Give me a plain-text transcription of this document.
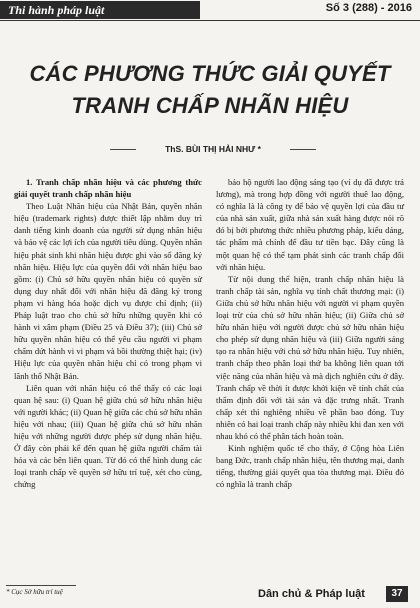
Thi hành pháp luật	Số 3 (288) - 2016
CÁC PHƯƠNG THỨC GIẢI QUYẾT TRANH CHẤP NHÃN HIỆU
ThS. BÙI THỊ HẢI NHƯ *

1. Tranh chấp nhãn hiệu và các phương thức giải quyết tranh chấp nhãn hiệu

Theo Luật Nhãn hiệu của Nhật Bản, quyền nhãn hiệu (trademark rights) được thiết lập nhằm duy trì danh tiếng kinh doanh của người sử dụng nhãn hiệu và bảo vệ các lợi ích của người tiêu dùng. Quyền nhãn hiệu phát sinh khi nhãn hiệu được ghi vào sổ đăng ký nhãn hiệu. Hiệu lực của quyền đối với nhãn hiệu bao gồm: (i) Chủ sở hữu quyền nhãn hiệu có quyền sử dụng duy nhất đối với nhãn hiệu đã đăng ký trong phạm vi hàng hóa hoặc dịch vụ được chỉ định; (ii) Pháp luật trao cho chủ sở hữu những quyền khi có hành vi xâm phạm (Điều 25 và Điều 37); (iii) Chủ sở hữu quyền nhãn hiệu có thể yêu cầu người vi phạm chấm dứt hành vi vi phạm và bồi thường thiệt hại; (iv) Hiệu lực của quyền nhãn hiệu chỉ có trong phạm vi lãnh thổ Nhật Bản.

Liên quan với nhãn hiệu có thể thấy có các loại quan hệ sau: (i) Quan hệ giữa chủ sở hữu nhãn hiệu với người khác; (ii) Quan hệ giữa các chủ sở hữu nhãn hiệu với nhau; (iii) Quan hệ giữa chủ sở hữu nhãn hiệu với những người được phép sử dụng nhãn hiệu. Ở đây còn phải kể đến quan hệ giữa người chấm tài hóa và các bên liên quan. Từ đó có thể hình dung các loại tranh chấp về quyền sở hữu trí tuệ, xét cho cùng, chứng

bảo hộ người lao động sáng tạo (ví dụ đã được trả lương), mà trong hợp đồng với người thuê lao động, có nghĩa là là công ty để bảo vệ quyền lợi của đầu tư của nhà sản xuất, giữa nhà sản xuất hàng được nói rõ đó bị bởi phương thức nhiều phương pháp, kiểu dáng, tác phẩm mà chính để đầu tư tiền bạc. Đây cũng là một quan hệ có thể tạm phát sinh các tranh chấp đối với nhãn hiệu.

Từ nội dung thể hiện, tranh chấp nhãn hiệu là tranh chấp tài sản, nghĩa vụ tính chất thương mại: (i) Giữa chủ sở hữu nhãn hiệu với người vi phạm quyền loại trừ của chủ sở hữu nhãn hiệu; (ii) Giữa chủ sở hữu nhãn hiệu với người được chủ sở hữu nhãn hiệu cho phép sử dụng nhãn hiệu và (iii) Giữa người sáng tạo ra nhãn hiệu với chủ sở hữu nhãn hiệu. Tuy nhiên, tranh chấp theo phân loại thứ ba không liên quan tới việc năng của nhãn hiệu và mà dịch nghiên cứu ở đây. Tranh chấp về thời ít được khởi kiện về tính chất của thẩm định đối với tài sản và đặc trưng nhất. Tranh chấp xét thì nghiêng nhiều về phần bao đóng. Tuy nhiên có hai loại tranh chấp này nhiều khi đan xen với nhau khó có thể phân tách hoàn toàn.

Kinh nghiệm quốc tế cho thấy, ở Cộng hòa Liên bang Đức, tranh chấp nhãn hiệu, tên thương mại, danh tiếng, thường giải quyết qua tòa thương mại. Điều đó có nghĩa là tranh chấp

* Cục Sở hữu trí tuệ	Dân chủ & Pháp luật	37
